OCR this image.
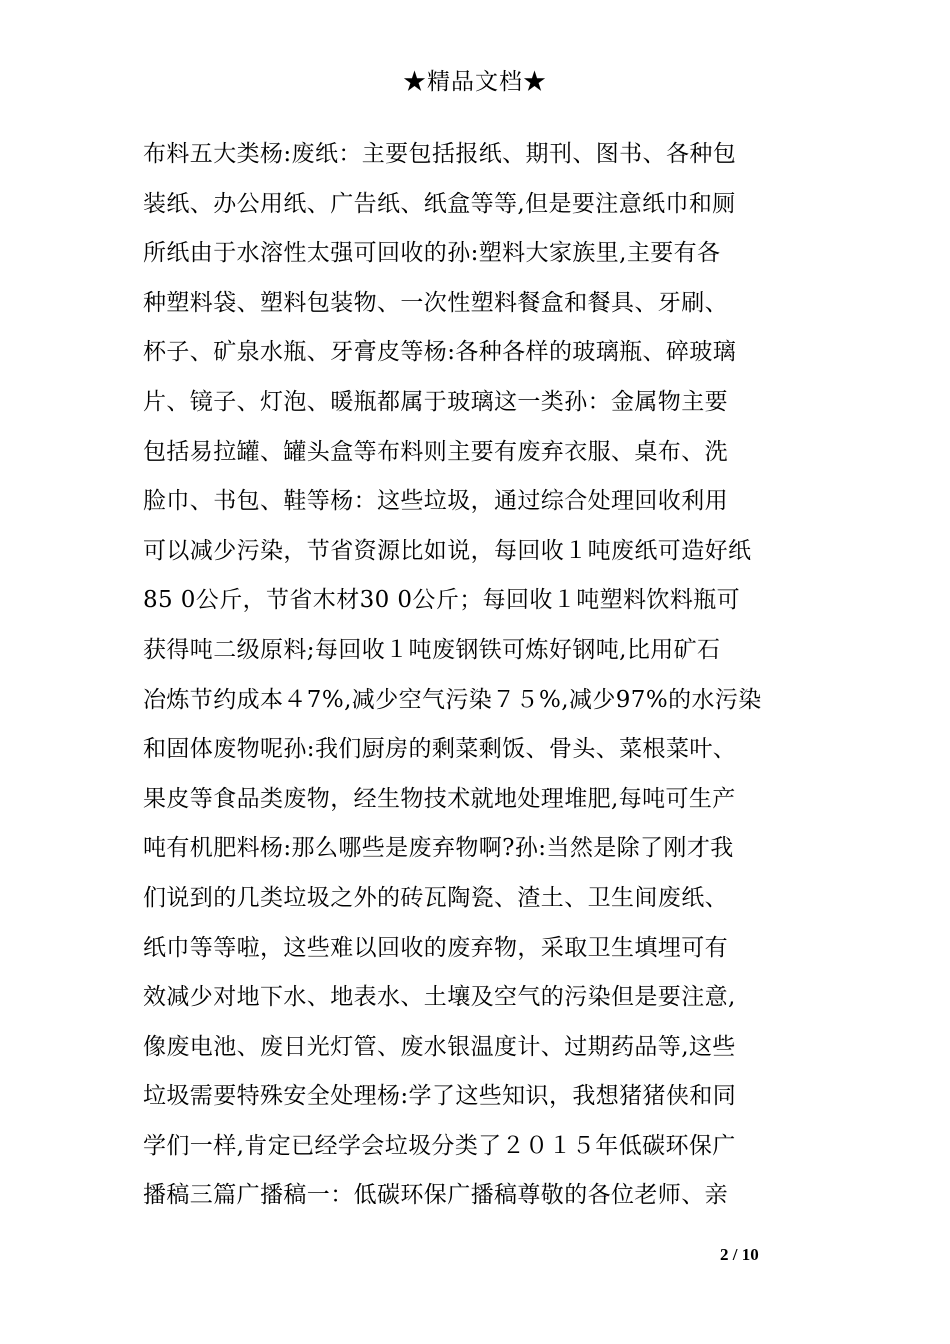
★精品文档★
布料五大类杨:废纸：主要包括报纸、期刊、图书、各种包
装纸、办公用纸、广告纸、纸盒等等,但是要注意纸巾和厕
所纸由于水溶性太强可回收的孙:塑料大家族里,主要有各
种塑料袋、塑料包装物、一次性塑料餐盒和餐具、牙刷、
杯子、矿泉水瓶、牙膏皮等杨:各种各样的玻璃瓶、碎玻璃
片、镜子、灯泡、暖瓶都属于玻璃这一类孙：金属物主要
包括易拉罐、罐头盒等布料则主要有废弃衣服、桌布、洗
脸巾、书包、鞋等杨：这些垃圾，通过综合处理回收利用
可以减少污染，节省资源比如说，每回收１吨废纸可造好纸
85 0公斤，节省木材30 0公斤；每回收１吨塑料饮料瓶可
获得吨二级原料;每回收１吨废钢铁可炼好钢吨,比用矿石
冶炼节约成本４7%,减少空气污染７５%,减少97%的水污染
和固体废物呢孙:我们厨房的剩菜剩饭、骨头、菜根菜叶、
果皮等食品类废物，经生物技术就地处理堆肥,每吨可生产
吨有机肥料杨:那么哪些是废弃物啊?孙:当然是除了刚才我
们说到的几类垃圾之外的砖瓦陶瓷、渣土、卫生间废纸、
纸巾等等啦，这些难以回收的废弃物，采取卫生填埋可有
效减少对地下水、地表水、土壤及空气的污染但是要注意,
像废电池、废日光灯管、废水银温度计、过期药品等,这些
垃圾需要特殊安全处理杨:学了这些知识，我想猪猪侠和同
学们一样,肯定已经学会垃圾分类了２０１５年低碳环保广
播稿三篇广播稿一：低碳环保广播稿尊敬的各位老师、亲
2 / 10
